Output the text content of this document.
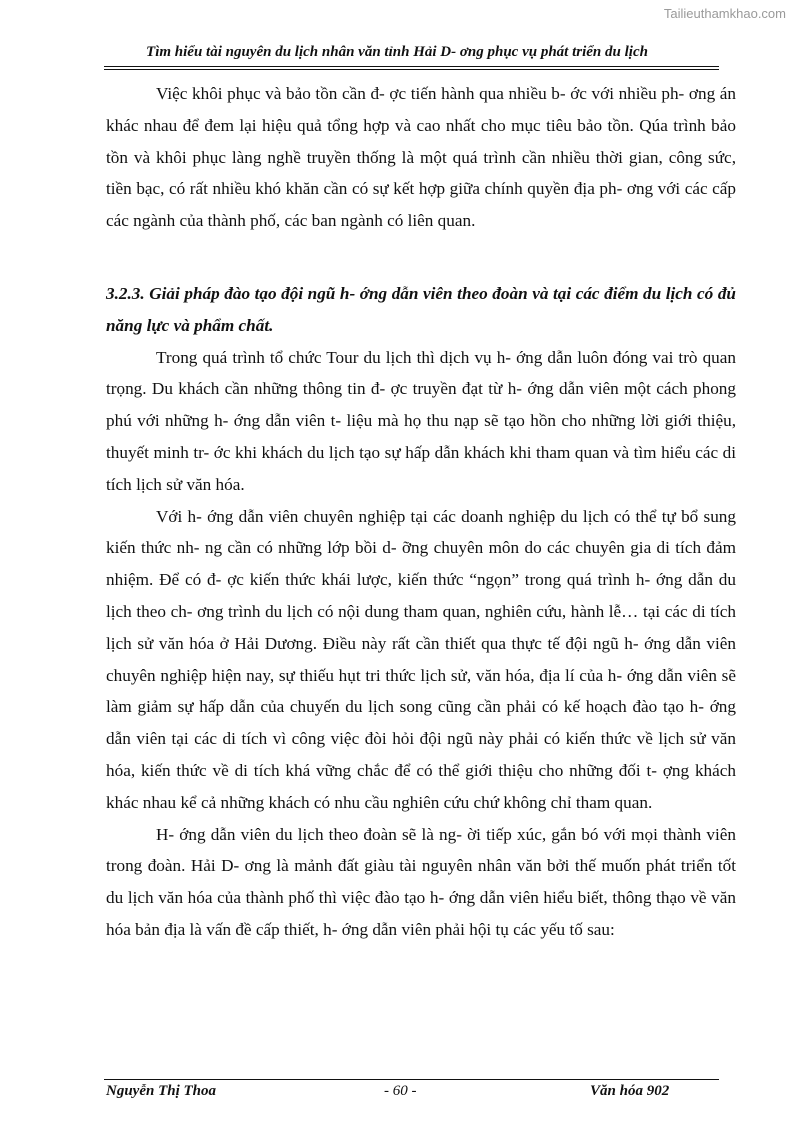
Tailieuthamkhao.com
Tìm hiểu tài nguyên du lịch nhân văn tỉnh Hải D- ơng phục vụ phát triển du lịch

Việc khôi phục và bảo tồn cần đ- ợc tiến hành qua nhiều b- ớc với nhiều ph- ơng án khác nhau để đem lại hiệu quả tổng hợp và cao nhất cho mục tiêu bảo tồn. Qúa trình bảo tồn và khôi phục làng nghề truyền thống là một quá trình cần nhiều thời gian, công sức, tiền bạc, có rất nhiều khó khăn cần có sự kết hợp giữa chính quyền địa ph- ơng với các cấp các ngành của thành phố, các ban ngành có liên quan.

3.2.3. Giải pháp đào tạo đội ngũ h- ớng dẫn viên theo đoàn và tại các điểm du lịch có đủ năng lực và phẩm chất.

Trong quá trình tổ chức Tour du lịch thì dịch vụ h- ớng dẫn luôn đóng vai trò quan trọng. Du khách cần những thông tin đ- ợc truyền đạt từ h- ớng dẫn viên một cách phong phú với những h- ớng dẫn viên t- liệu mà họ thu nạp sẽ tạo hồn cho những lời giới thiệu, thuyết minh tr- ớc khi khách du lịch tạo sự hấp dẫn khách khi tham quan và tìm hiểu các di tích lịch sử văn hóa.

Với h- ớng dẫn viên chuyên nghiệp tại các doanh nghiệp du lịch có thể tự bổ sung kiến thức nh- ng cần có những lớp bồi d- ỡng chuyên môn do các chuyên gia di tích đảm nhiệm. Để có đ- ợc kiến thức khái lược, kiến thức “ngọn” trong quá trình h- ớng dẫn du lịch theo ch- ơng trình du lịch có nội dung tham quan, nghiên cứu, hành lễ… tại các di tích lịch sử văn hóa ở Hải Dương. Điều này rất cần thiết qua thực tế đội ngũ h- ớng dẫn viên chuyên nghiệp hiện nay, sự thiếu hụt tri thức lịch sử, văn hóa, địa lí của h- ớng dẫn viên sẽ làm giảm sự hấp dẫn của chuyến du lịch song cũng cần phải có kế hoạch đào tạo h- ớng dẫn viên tại các di tích vì công việc đòi hỏi đội ngũ này phải có kiến thức về lịch sử văn hóa, kiến thức về di tích khá vững chắc để có thể giới thiệu cho những đối t- ợng khách khác nhau kể cả những khách có nhu cầu nghiên cứu chứ không chỉ tham quan.

H- ớng dẫn viên du lịch theo đoàn sẽ là ng- ời tiếp xúc, gắn bó với mọi thành viên trong đoàn. Hải D- ơng là mảnh đất giàu tài nguyên nhân văn bởi thế muốn phát triển tốt du lịch văn hóa của thành phố thì việc đào tạo h- ớng dẫn viên hiểu biết, thông thạo về văn hóa bản địa là vấn đề cấp thiết, h- ớng dẫn viên phải hội tụ các yếu tố sau:

Nguyễn Thị Thoa	- 60 -	Văn hóa 902
